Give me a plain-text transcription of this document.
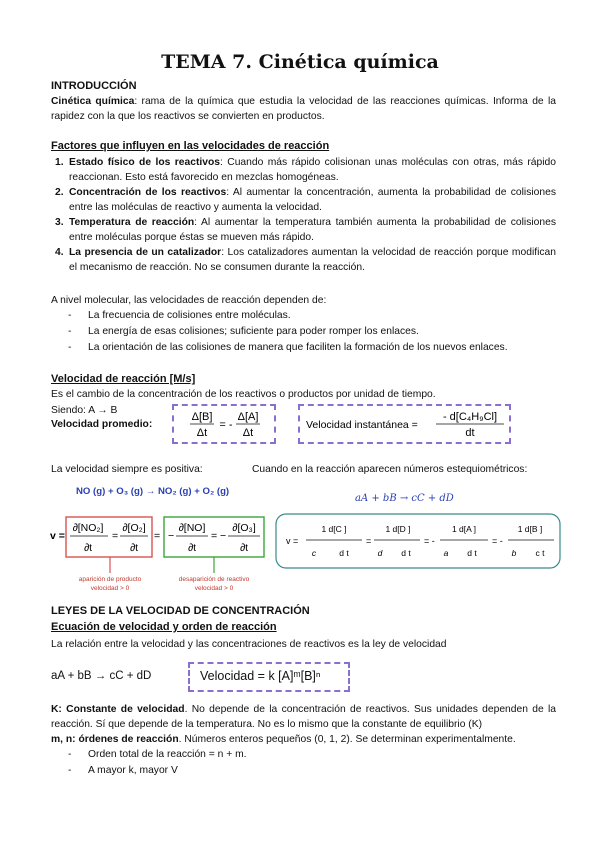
TEMA 7. Cinética química
INTRODUCCIÓN
Cinética química: rama de la química que estudia la velocidad de las reacciones químicas. Informa de la rapidez con la que los reactivos se convierten en productos.
Factores que influyen en las velocidades de reacción
1. Estado físico de los reactivos: Cuando más rápido colisionan unas moléculas con otras, más rápido reaccionan. Esto está favorecido en mezclas homogéneas.
2. Concentración de los reactivos: Al aumentar la concentración, aumenta la probabilidad de colisiones entre las moléculas de reactivo y aumenta la velocidad.
3. Temperatura de reacción: Al aumentar la temperatura también aumenta la probabilidad de colisiones entre moléculas porque éstas se mueven más rápido.
4. La presencia de un catalizador: Los catalizadores aumentan la velocidad de reacción porque modifican el mecanismo de reacción. No se consumen durante la reacción.
A nivel molecular, las velocidades de reacción dependen de:
- La frecuencia de colisiones entre moléculas.
- La energía de esas colisiones; suficiente para poder romper los enlaces.
- La orientación de las colisiones de manera que faciliten la formación de los nuevos enlaces.
Velocidad de reacción [M/s]
Es el cambio de la concentración de los reactivos o productos por unidad de tiempo.
Siendo: A → B
Velocidad promedio:
Δ[B]
Δt
= -
Δ[A]
Δt
Velocidad instantánea =
- d[C₄H₉Cl]
dt
La velocidad siempre es positiva:	Cuando en la reacción aparecen números estequiométricos:
NO (g) + O₃ (g) → NO₂ (g) + O₂ (g)
aA + bB → cC + dD
v =
∂[NO₂]
∂t
=
∂[O₂]
∂t
= −
∂[NO]
∂t
= −
∂[O₃]
∂t
aparición de producto
velocidad > 0
desaparición de reactivo
velocidad > 0
v =
1 d[C ]
c	d t
=
1 d[D ]
d d t
= -
1 d[A ]
a d t
= -
1 d[B ]
b c t
LEYES DE LA VELOCIDAD DE CONCENTRACIÓN
Ecuación de velocidad y orden de reacción
La relación entre la velocidad y las concentraciones de reactivos es la ley de velocidad
aA + bB → cC + dD	Velocidad = k [A]ᵐ[B]ⁿ
K: Constante de velocidad. No depende de la concentración de reactivos. Sus unidades dependen de la reacción. Sí que depende de la temperatura. No es lo mismo que la constante de equilibrio (K)
m, n: órdenes de reacción. Números enteros pequeños (0, 1, 2). Se determinan experimentalmente.
- Orden total de la reacción = n + m.
- A mayor k, mayor V
